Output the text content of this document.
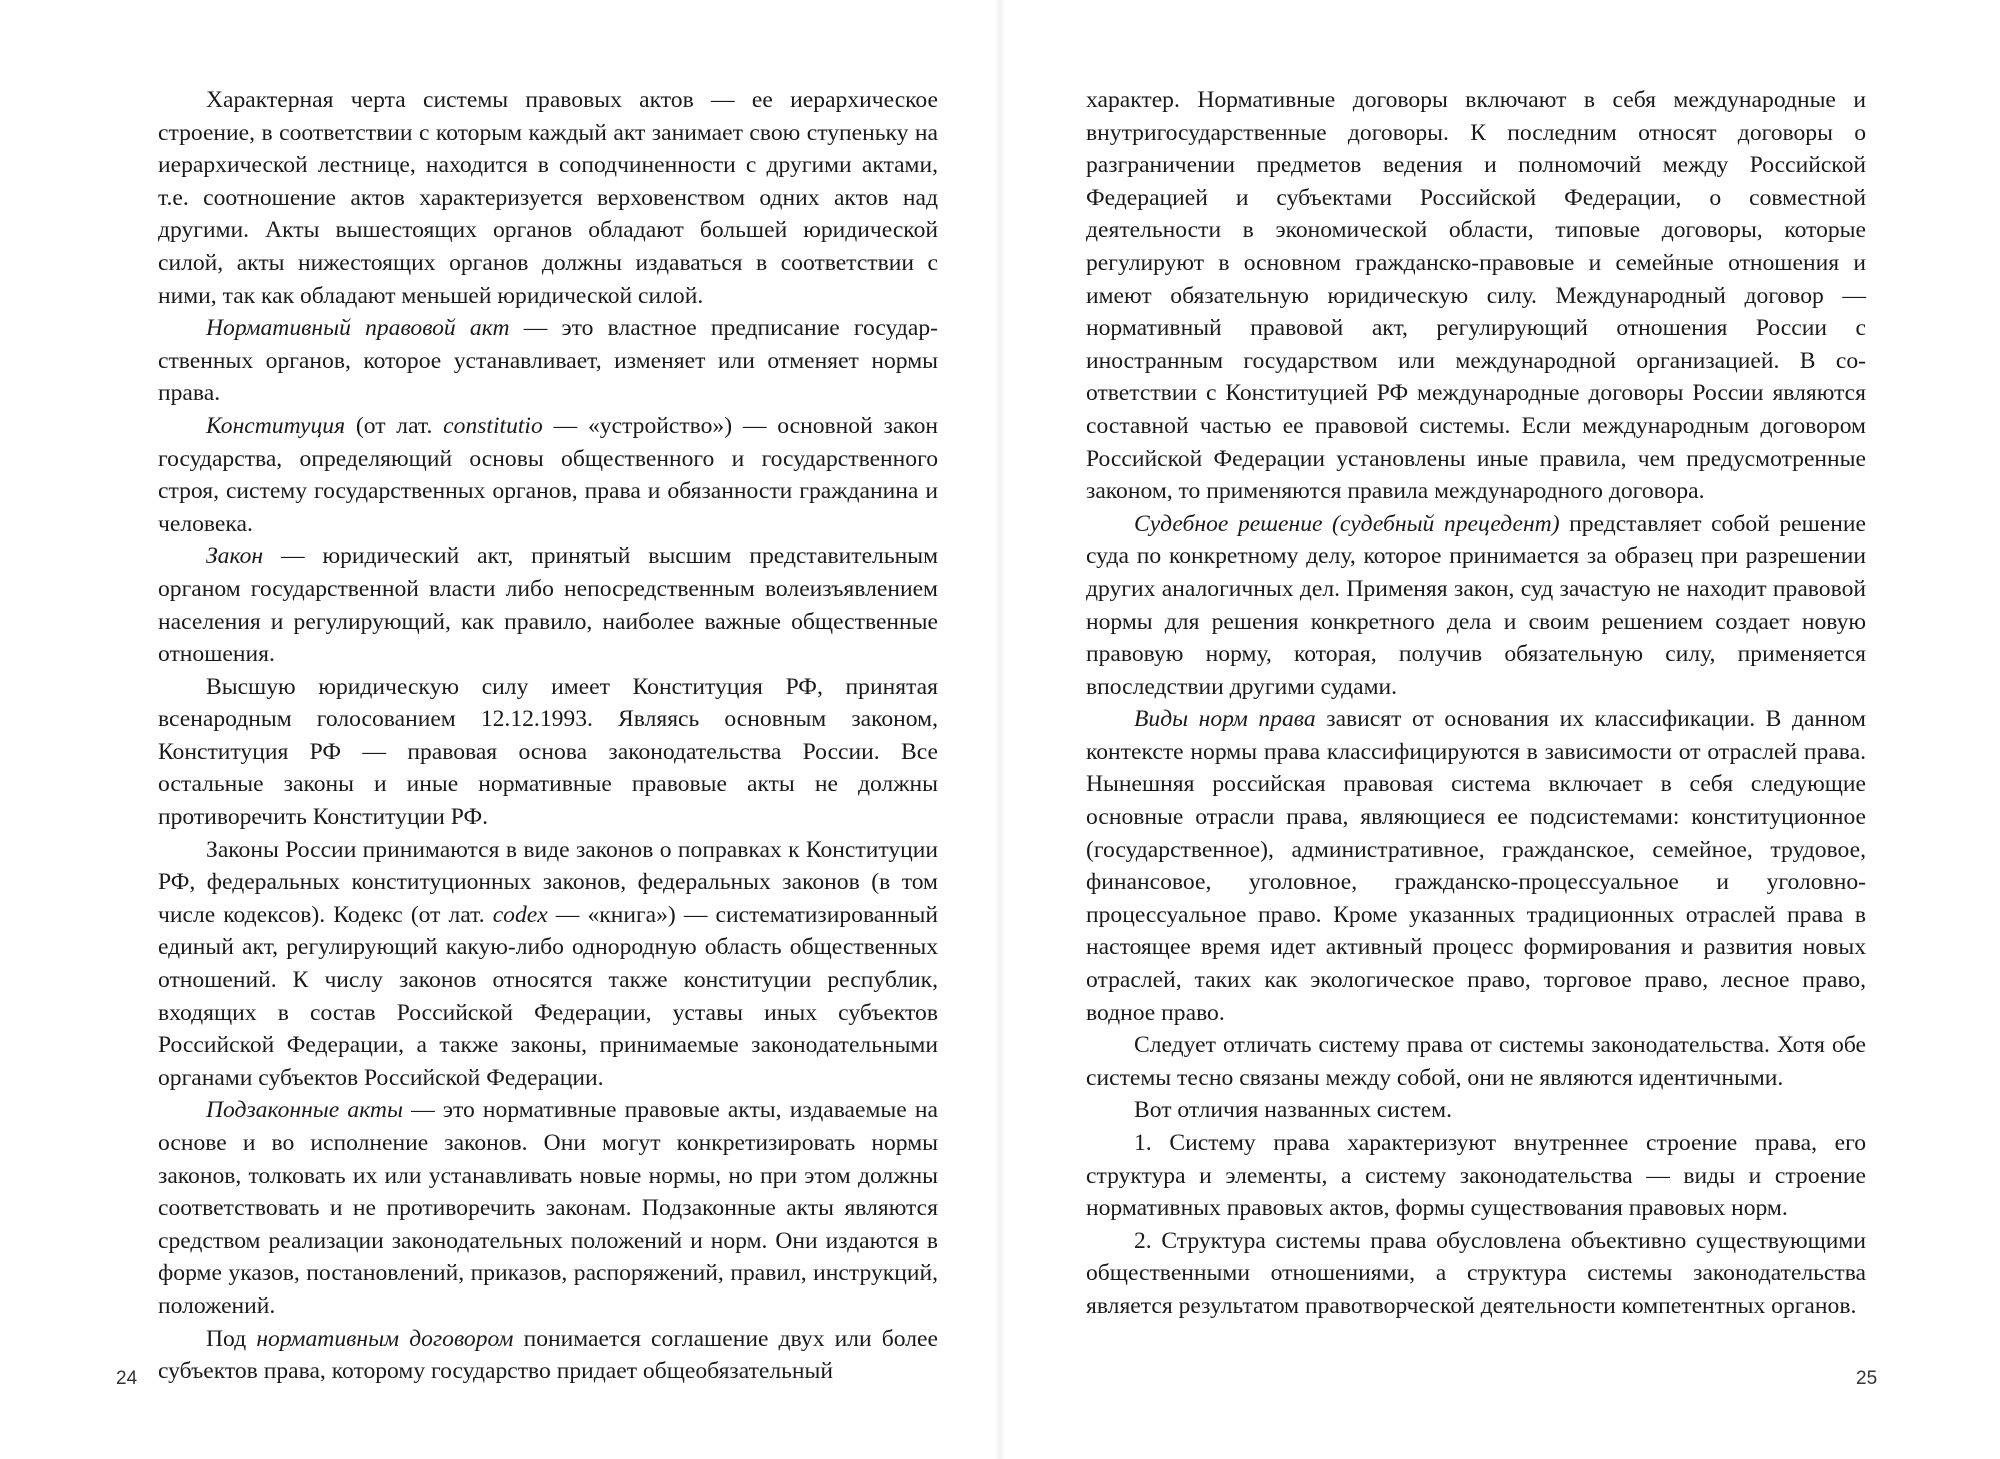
Характерная черта системы правовых актов — ее иерархическое строение, в соответствии с которым каждый акт занимает свою ступеньку на иерархической лестнице, находится в соподчиненности с другими актами, т.е. соотношение актов характеризуется верховенством одних актов над другими. Акты вышестоящих органов обладают большей юридической силой, акты нижестоящих органов должны издаваться в соответствии с ними, так как обладают меньшей юридической силой.

Нормативный правовой акт — это властное предписание государственных органов, которое устанавливает, изменяет или отменяет нормы права.

Конституция (от лат. constitutio — «устройство») — основной закон государства, определяющий основы общественного и государственного строя, систему государственных органов, права и обязанности гражданина и человека.

Закон — юридический акт, принятый высшим представительным органом государственной власти либо непосредственным волеизъявлением населения и регулирующий, как правило, наиболее важные общественные отношения.

Высшую юридическую силу имеет Конституция РФ, принятая всенародным голосованием 12.12.1993. Являясь основным законом, Конституция РФ — правовая основа законодательства России. Все остальные законы и иные нормативные правовые акты не должны противоречить Конституции РФ.

Законы России принимаются в виде законов о поправках к Конституции РФ, федеральных конституционных законов, федеральных законов (в том числе кодексов). Кодекс (от лат. codex — «книга») — систематизированный единый акт, регулирующий какую-либо однородную область общественных отношений. К числу законов относятся также конституции республик, входящих в состав Российской Федерации, уставы иных субъектов Российской Федерации, а также законы, принимаемые законодательными органами субъектов Российской Федерации.

Подзаконные акты — это нормативные правовые акты, издаваемые на основе и во исполнение законов. Они могут конкретизировать нормы законов, толковать их или устанавливать новые нормы, но при этом должны соответствовать и не противоречить законам. Подзаконные акты являются средством реализации законодательных положений и норм. Они издаются в форме указов, постановлений, приказов, распоряжений, правил, инструкций, положений.

Под нормативным договором понимается соглашение двух или более субъектов права, которому государство придает общеобязательный

24

характер. Нормативные договоры включают в себя международные и внутригосударственные договоры. К последним относят договоры о разграничении предметов ведения и полномочий между Российской Федерацией и субъектами Российской Федерации, о совместной деятельности в экономической области, типовые договоры, которые регулируют в основном гражданско-правовые и семейные отношения и имеют обязательную юридическую силу. Международный договор — нормативный правовой акт, регулирующий отношения России с иностранным государством или международной организацией. В соответствии с Конституцией РФ международные договоры России являются составной частью ее правовой системы. Если международным договором Российской Федерации установлены иные правила, чем предусмотренные законом, то применяются правила международного договора.

Судебное решение (судебный прецедент) представляет собой решение суда по конкретному делу, которое принимается за образец при разрешении других аналогичных дел. Применяя закон, суд зачастую не находит правовой нормы для решения конкретного дела и своим решением создает новую правовую норму, которая, получив обязательную силу, применяется впоследствии другими судами.

Виды норм права зависят от основания их классификации. В данном контексте нормы права классифицируются в зависимости от отраслей права. Нынешняя российская правовая система включает в себя следующие основные отрасли права, являющиеся ее подсистемами: конституционное (государственное), административное, гражданское, семейное, трудовое, финансовое, уголовное, гражданско-процессуальное и уголовно-процессуальное право. Кроме указанных традиционных отраслей права в настоящее время идет активный процесс формирования и развития новых отраслей, таких как экологическое право, торговое право, лесное право, водное право.

Следует отличать систему права от системы законодательства. Хотя обе системы тесно связаны между собой, они не являются идентичными.

Вот отличия названных систем.

1. Систему права характеризуют внутреннее строение права, его структура и элементы, а систему законодательства — виды и строение нормативных правовых актов, формы существования правовых норм.

2. Структура системы права обусловлена объективно существующими общественными отношениями, а структура системы законодательства является результатом правотворческой деятельности компетентных органов.

25
